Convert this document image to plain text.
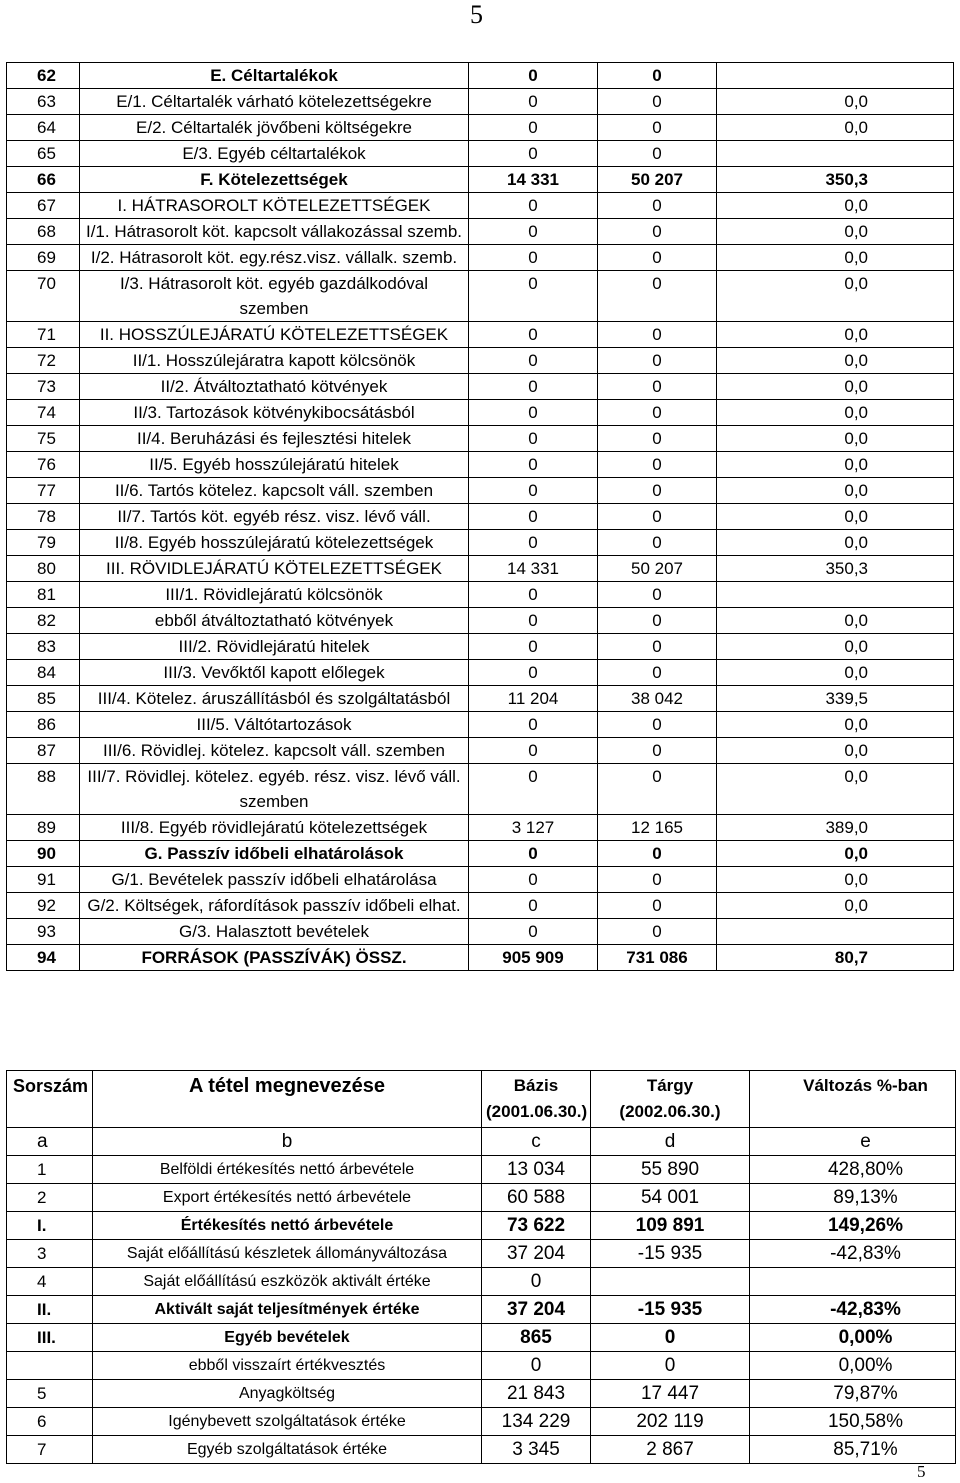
5
62	E. Céltartalékok	0	0	
63	E/1. Céltartalék várható kötelezettségekre	0	0	0,0
64	E/2. Céltartalék jövőbeni költségekre	0	0	0,0
65	E/3. Egyéb céltartalékok	0	0	
66	F. Kötelezettségek	14 331	50 207	350,3
67	I. HÁTRASOROLT KÖTELEZETTSÉGEK	0	0	0,0
68	I/1. Hátrasorolt köt. kapcsolt vállakozással szemb.	0	0	0,0
69	I/2. Hátrasorolt köt. egy.rész.visz. vállalk. szemb.	0	0	0,0
70	I/3. Hátrasorolt köt. egyéb gazdálkodóval szemben	0	0	0,0
71	II. HOSSZÚLEJÁRATÚ KÖTELEZETTSÉGEK	0	0	0,0
72	II/1. Hosszúlejáratra kapott kölcsönök	0	0	0,0
73	II/2. Átváltoztatható kötvények	0	0	0,0
74	II/3. Tartozások kötvénykibocsátásból	0	0	0,0
75	II/4. Beruházási és fejlesztési hitelek	0	0	0,0
76	II/5. Egyéb hosszúlejáratú hitelek	0	0	0,0
77	II/6. Tartós kötelez. kapcsolt váll. szemben	0	0	0,0
78	II/7. Tartós köt. egyéb rész. visz. lévő váll.	0	0	0,0
79	II/8. Egyéb hosszúlejáratú kötelezettségek	0	0	0,0
80	III. RÖVIDLEJÁRATÚ KÖTELEZETTSÉGEK	14 331	50 207	350,3
81	III/1. Rövidlejáratú kölcsönök	0	0	
82	ebből átváltoztatható kötvények	0	0	0,0
83	III/2. Rövidlejáratú hitelek	0	0	0,0
84	III/3. Vevőktől kapott előlegek	0	0	0,0
85	III/4. Kötelez. áruszállításból és szolgáltatásból	11 204	38 042	339,5
86	III/5. Váltótartozások	0	0	0,0
87	III/6. Rövidlej. kötelez. kapcsolt váll. szemben	0	0	0,0
88	III/7. Rövidlej. kötelez. egyéb. rész. visz. lévő váll. szemben	0	0	0,0
89	III/8. Egyéb rövidlejáratú kötelezettségek	3 127	12 165	389,0
90	G. Passzív időbeli elhatárolások	0	0	0,0
91	G/1. Bevételek passzív időbeli elhatárolása	0	0	0,0
92	G/2. Költségek, ráfordítások passzív időbeli elhat.	0	0	0,0
93	G/3. Halasztott bevételek	0	0	
94	FORRÁSOK (PASSZÍVÁK) ÖSSZ.	905 909	731 086	80,7
Sorszám	A tétel megnevezése	Bázis (2001.06.30.)	Tárgy (2002.06.30.)	Változás %-ban
a	b	c	d	e
1	Belföldi értékesítés nettó árbevétele	13 034	55 890	428,80%
2	Export értékesítés nettó árbevétele	60 588	54 001	89,13%
I.	Értékesítés nettó árbevétele	73 622	109 891	149,26%
3	Saját előállítású készletek állományváltozása	37 204	-15 935	-42,83%
4	Saját előállítású eszközök aktivált értéke	0		
II.	Aktivált saját teljesítmények értéke	37 204	-15 935	-42,83%
III.	Egyéb bevételek	865	0	0,00%
	ebből visszaírt értékvesztés	0	0	0,00%
5	Anyagköltség	21 843	17 447	79,87%
6	Igénybevett szolgáltatások értéke	134 229	202 119	150,58%
7	Egyéb szolgáltatások értéke	3 345	2 867	85,71%
5
